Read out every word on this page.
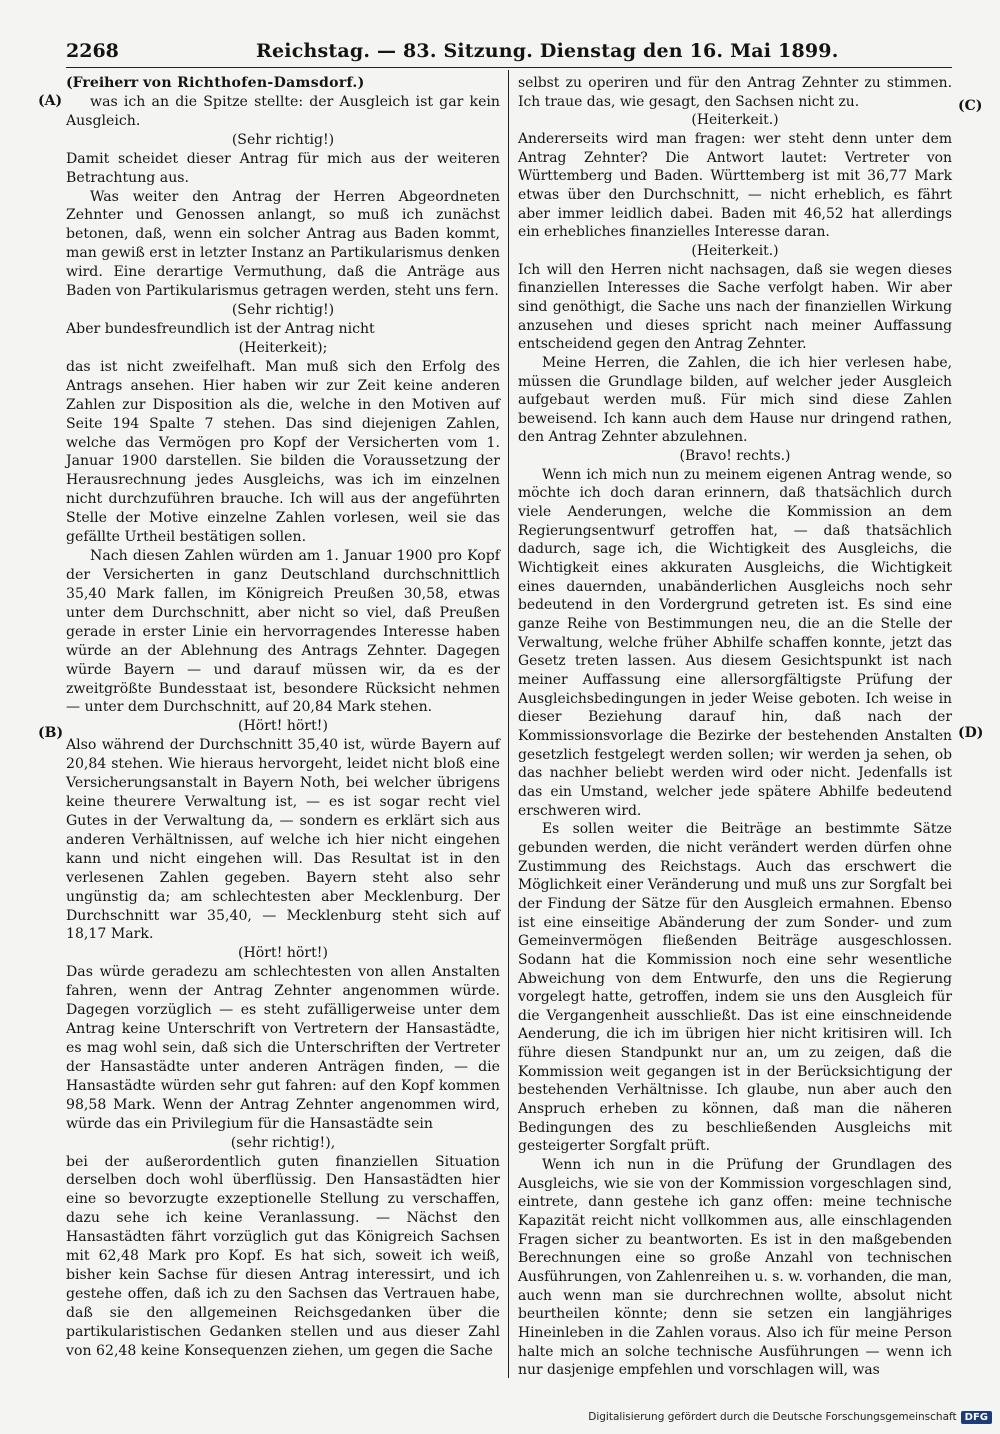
2268	Reichstag. — 83. Sitzung. Dienstag den 16. Mai 1899.
(A)
(B)
(C)
(D)

(Freiherr von Richthofen-Damsdorf.)

was ich an die Spitze stellte: der Ausgleich ist gar kein Ausgleich.

(Sehr richtig!)

Damit scheidet dieser Antrag für mich aus der weiteren Betrachtung aus.

Was weiter den Antrag der Herren Abgeordneten Zehnter und Genossen anlangt, so muß ich zunächst betonen, daß, wenn ein solcher Antrag aus Baden kommt, man gewiß erst in letzter Instanz an Partikularismus denken wird. Eine derartige Vermuthung, daß die Anträge aus Baden von Partikularismus getragen werden, steht uns fern.

(Sehr richtig!)

Aber bundesfreundlich ist der Antrag nicht

(Heiterkeit);

das ist nicht zweifelhaft. Man muß sich den Erfolg des Antrags ansehen. Hier haben wir zur Zeit keine anderen Zahlen zur Disposition als die, welche in den Motiven auf Seite 194 Spalte 7 stehen. Das sind diejenigen Zahlen, welche das Vermögen pro Kopf der Versicherten vom 1. Januar 1900 darstellen. Sie bilden die Voraussetzung der Herausrechnung jedes Ausgleichs, was ich im einzelnen nicht durchzuführen brauche. Ich will aus der angeführten Stelle der Motive einzelne Zahlen vorlesen, weil sie das gefällte Urtheil bestätigen sollen.

Nach diesen Zahlen würden am 1. Januar 1900 pro Kopf der Versicherten in ganz Deutschland durchschnittlich 35,40 Mark fallen, im Königreich Preußen 30,58, etwas unter dem Durchschnitt, aber nicht so viel, daß Preußen gerade in erster Linie ein hervorragendes Interesse haben würde an der Ablehnung des Antrags Zehnter. Dagegen würde Bayern — und darauf müssen wir, da es der zweitgrößte Bundesstaat ist, besondere Rücksicht nehmen — unter dem Durchschnitt, auf 20,84 Mark stehen.

(Hört! hört!)

Also während der Durchschnitt 35,40 ist, würde Bayern auf 20,84 stehen. Wie hieraus hervorgeht, leidet nicht bloß eine Versicherungsanstalt in Bayern Noth, bei welcher übrigens keine theurere Verwaltung ist, — es ist sogar recht viel Gutes in der Verwaltung da, — sondern es erklärt sich aus anderen Verhältnissen, auf welche ich hier nicht eingehen kann und nicht eingehen will. Das Resultat ist in den verlesenen Zahlen gegeben. Bayern steht also sehr ungünstig da; am schlechtesten aber Mecklenburg. Der Durchschnitt war 35,40, — Mecklenburg steht sich auf 18,17 Mark.

(Hört! hört!)

Das würde geradezu am schlechtesten von allen Anstalten fahren, wenn der Antrag Zehnter angenommen würde. Dagegen vorzüglich — es steht zufälligerweise unter dem Antrag keine Unterschrift von Vertretern der Hansastädte, es mag wohl sein, daß sich die Unterschriften der Vertreter der Hansastädte unter anderen Anträgen finden, — die Hansastädte würden sehr gut fahren: auf den Kopf kommen 98,58 Mark. Wenn der Antrag Zehnter angenommen wird, würde das ein Privilegium für die Hansastädte sein

(sehr richtig!),

bei der außerordentlich guten finanziellen Situation derselben doch wohl überflüssig. Den Hansastädten hier eine so bevorzugte exzeptionelle Stellung zu verschaffen, dazu sehe ich keine Veranlassung. — Nächst den Hansastädten fährt vorzüglich gut das Königreich Sachsen mit 62,48 Mark pro Kopf. Es hat sich, soweit ich weiß, bisher kein Sachse für diesen Antrag interessirt, und ich gestehe offen, daß ich zu den Sachsen das Vertrauen habe, daß sie den allgemeinen Reichsgedanken über die partikularistischen Gedanken stellen und aus dieser Zahl von 62,48 keine Konsequenzen ziehen, um gegen die Sache

selbst zu operiren und für den Antrag Zehnter zu stimmen. Ich traue das, wie gesagt, den Sachsen nicht zu.

(Heiterkeit.)

Andererseits wird man fragen: wer steht denn unter dem Antrag Zehnter? Die Antwort lautet: Vertreter von Württemberg und Baden. Württemberg ist mit 36,77 Mark etwas über den Durchschnitt, — nicht erheblich, es fährt aber immer leidlich dabei. Baden mit 46,52 hat allerdings ein erhebliches finanzielles Interesse daran.

(Heiterkeit.)

Ich will den Herren nicht nachsagen, daß sie wegen dieses finanziellen Interesses die Sache verfolgt haben. Wir aber sind genöthigt, die Sache uns nach der finanziellen Wirkung anzusehen und dieses spricht nach meiner Auffassung entscheidend gegen den Antrag Zehnter.

Meine Herren, die Zahlen, die ich hier verlesen habe, müssen die Grundlage bilden, auf welcher jeder Ausgleich aufgebaut werden muß. Für mich sind diese Zahlen beweisend. Ich kann auch dem Hause nur dringend rathen, den Antrag Zehnter abzulehnen.

(Bravo! rechts.)

Wenn ich mich nun zu meinem eigenen Antrag wende, so möchte ich doch daran erinnern, daß thatsächlich durch viele Aenderungen, welche die Kommission an dem Regierungsentwurf getroffen hat, — daß thatsächlich dadurch, sage ich, die Wichtigkeit des Ausgleichs, die Wichtigkeit eines akkuraten Ausgleichs, die Wichtigkeit eines dauernden, unabänderlichen Ausgleichs noch sehr bedeutend in den Vordergrund getreten ist. Es sind eine ganze Reihe von Bestimmungen neu, die an die Stelle der Verwaltung, welche früher Abhilfe schaffen konnte, jetzt das Gesetz treten lassen. Aus diesem Gesichtspunkt ist nach meiner Auffassung eine allersorgfältigste Prüfung der Ausgleichsbedingungen in jeder Weise geboten. Ich weise in dieser Beziehung darauf hin, daß nach der Kommissionsvorlage die Bezirke der bestehenden Anstalten gesetzlich festgelegt werden sollen; wir werden ja sehen, ob das nachher beliebt werden wird oder nicht. Jedenfalls ist das ein Umstand, welcher jede spätere Abhilfe bedeutend erschweren wird.

Es sollen weiter die Beiträge an bestimmte Sätze gebunden werden, die nicht verändert werden dürfen ohne Zustimmung des Reichstags. Auch das erschwert die Möglichkeit einer Veränderung und muß uns zur Sorgfalt bei der Findung der Sätze für den Ausgleich ermahnen. Ebenso ist eine einseitige Abänderung der zum Sonder- und zum Gemeinvermögen fließenden Beiträge ausgeschlossen. Sodann hat die Kommission noch eine sehr wesentliche Abweichung von dem Entwurfe, den uns die Regierung vorgelegt hatte, getroffen, indem sie uns den Ausgleich für die Vergangenheit ausschließt. Das ist eine einschneidende Aenderung, die ich im übrigen hier nicht kritisiren will. Ich führe diesen Standpunkt nur an, um zu zeigen, daß die Kommission weit gegangen ist in der Berücksichtigung der bestehenden Verhältnisse. Ich glaube, nun aber auch den Anspruch erheben zu können, daß man die näheren Bedingungen des zu beschließenden Ausgleichs mit gesteigerter Sorgfalt prüft.

Wenn ich nun in die Prüfung der Grundlagen des Ausgleichs, wie sie von der Kommission vorgeschlagen sind, eintrete, dann gestehe ich ganz offen: meine technische Kapazität reicht nicht vollkommen aus, alle einschlagenden Fragen sicher zu beantworten. Es ist in den maßgebenden Berechnungen eine so große Anzahl von technischen Ausführungen, von Zahlenreihen u. s. w. vorhanden, die man, auch wenn man sie durchrechnen wollte, absolut nicht beurtheilen könnte; denn sie setzen ein langjähriges Hineinleben in die Zahlen voraus. Also ich für meine Person halte mich an solche technische Ausführungen — wenn ich nur dasjenige empfehlen und vorschlagen will, was

Digitalisierung gefördert durch die Deutsche Forschungsgemeinschaft DFG
